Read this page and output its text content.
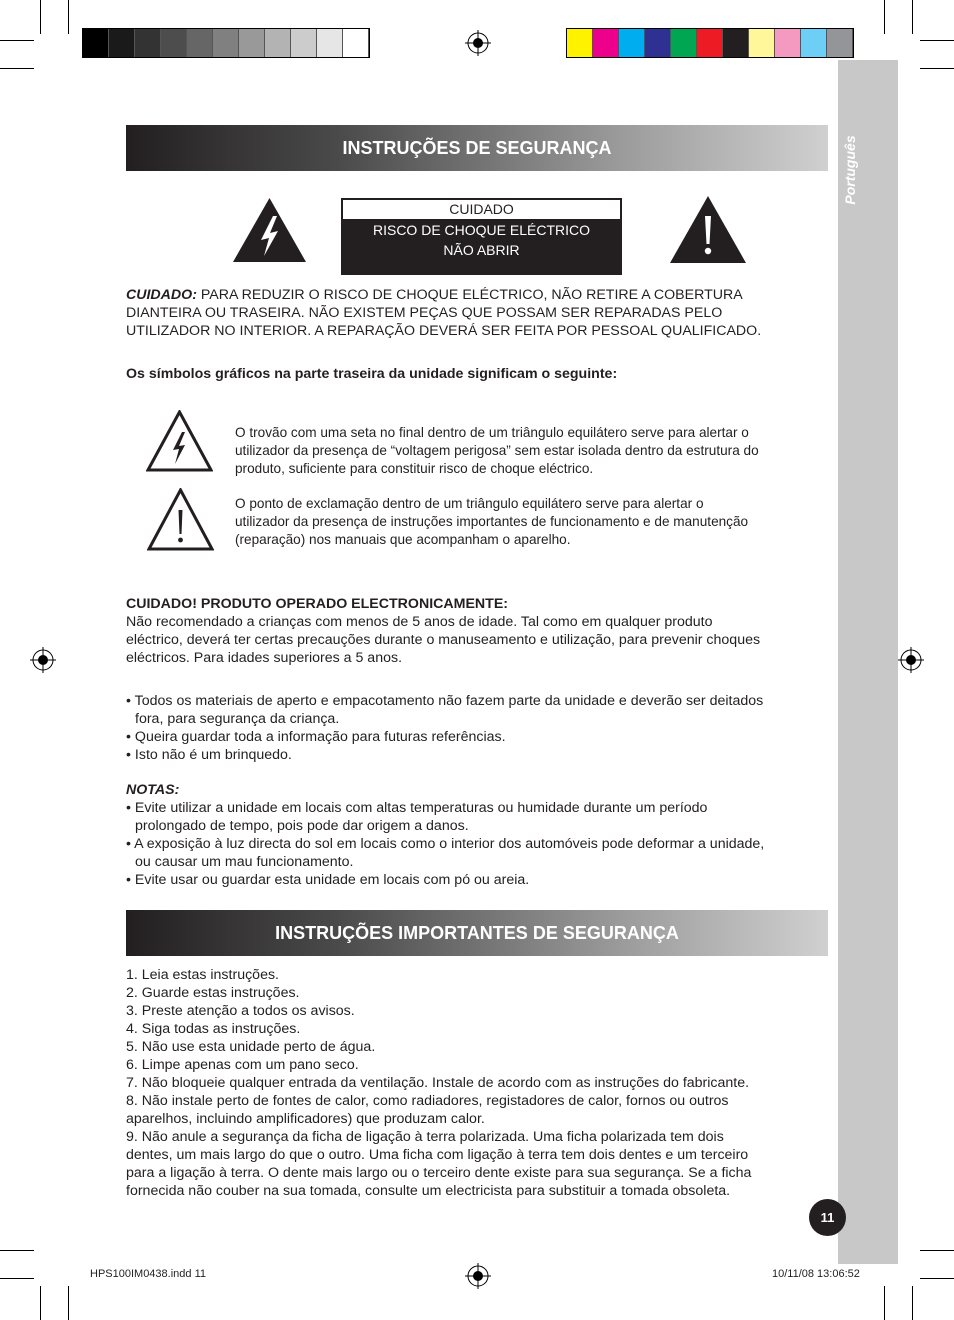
Português
INSTRUÇÕES DE SEGURANÇA
CUIDADO
RISCO DE CHOQUE ELÉCTRICO
NÃO ABRIR

CUIDADO: PARA REDUZIR O RISCO DE CHOQUE ELÉCTRICO, NÃO RETIRE A COBERTURA

DIANTEIRA OU TRASEIRA. NÃO EXISTEM PEÇAS QUE POSSAM SER REPARADAS PELO

UTILIZADOR NO INTERIOR. A REPARAÇÃO DEVERÁ SER FEITA POR PESSOAL QUALIFICADO.

Os símbolos gráficos na parte traseira da unidade significam o seguinte:

O trovão com uma seta no final dentro de um triângulo equilátero serve para alertar o

utilizador da presença de “voltagem perigosa” sem estar isolada dentro da estrutura do

produto, suficiente para constituir risco de choque eléctrico.

O ponto de exclamação dentro de um triângulo equilátero serve para alertar o

utilizador da presença de instruções importantes de funcionamento e de manutenção

(reparação) nos manuais que acompanham o aparelho.

CUIDADO! PRODUTO OPERADO ELECTRONICAMENTE:

Não recomendado a crianças com menos de 5 anos de idade. Tal como em qualquer produto

eléctrico, deverá ter certas precauções durante o manuseamento e utilização, para prevenir choques

eléctricos. Para idades superiores a 5 anos.

• Todos os materiais de aperto e empacotamento não fazem parte da unidade e deverão ser deitados

fora, para segurança da criança.

• Queira guardar toda a informação para futuras referências.

• Isto não é um brinquedo.

NOTAS:

• Evite utilizar a unidade em locais com altas temperaturas ou humidade durante um período

prolongado de tempo, pois pode dar origem a danos.

• A exposição à luz directa do sol em locais como o interior dos automóveis pode deformar a unidade,

ou causar um mau funcionamento.

• Evite usar ou guardar esta unidade em locais com pó ou areia.

INSTRUÇÕES IMPORTANTES DE SEGURANÇA

1. Leia estas instruções.

2. Guarde estas instruções.

3. Preste atenção a todos os avisos.

4. Siga todas as instruções.

5. Não use esta unidade perto de água.

6. Limpe apenas com um pano seco.

7. Não bloqueie qualquer entrada da ventilação. Instale de acordo com as instruções do fabricante.

8. Não instale perto de fontes de calor, como radiadores, registadores de calor, fornos ou outros

aparelhos, incluindo amplificadores) que produzam calor.

9. Não anule a segurança da ficha de ligação à terra polarizada. Uma ficha polarizada tem dois

dentes, um mais largo do que o outro. Uma ficha com ligação à terra tem dois dentes e um terceiro

para a ligação à terra. O dente mais largo ou o terceiro dente existe para sua segurança. Se a ficha

fornecida não couber na sua tomada, consulte um electricista para substituir a tomada obsoleta.

11
HPS100IM0438.indd 11	10/11/08 13:06:52
